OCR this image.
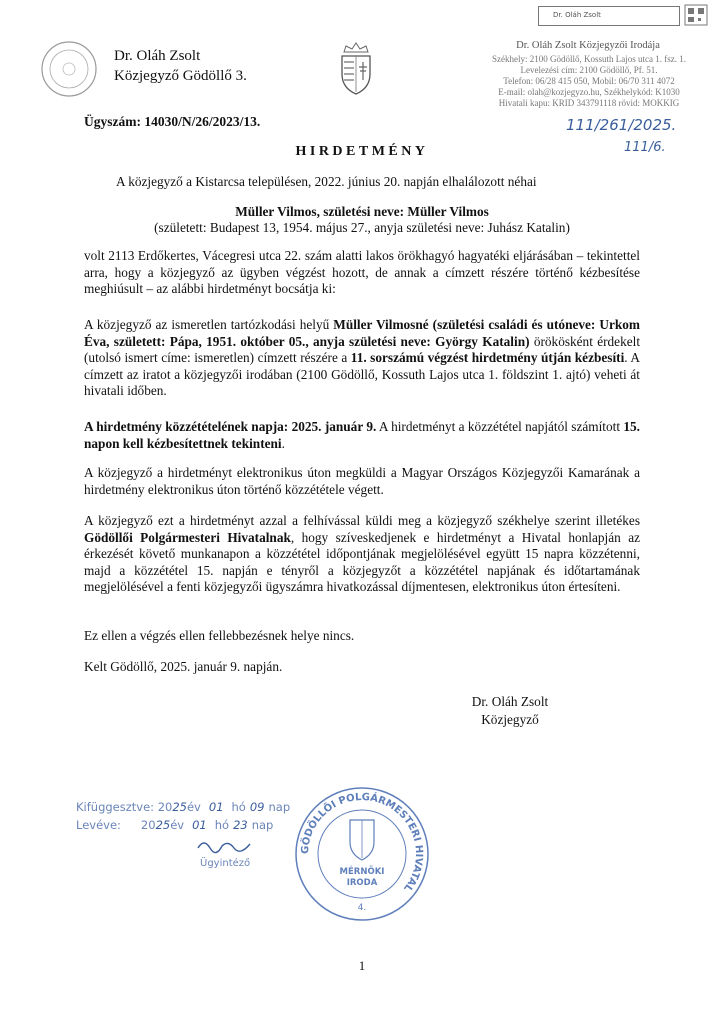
Dr. Oláh Zsolt
Közjegyző Gödöllő 3.
Dr. Oláh Zsolt
Dr. Oláh Zsolt Közjegyzői Irodája
Székhely: 2100 Gödöllő, Kossuth Lajos utca 1. fsz. 1.
Levelezési cím: 2100 Gödöllő, Pf. 51.
Telefon: 06/28 415 050, Mobil: 06/70 311 4072
E-mail: olah@kozjegyzo.hu, Székhelykód: K1030
Hivatali kapu: KRID 343791118 rövid: MOKKIG
Ügyszám: 14030/N/26/2023/13.	111/261/2025.
111/6.
HIRDETMÉNY
A közjegyző a Kistarcsa településen, 2022. június 20. napján elhalálozott néhai
Müller Vilmos, születési neve: Müller Vilmos
(született: Budapest 13, 1954. május 27., anyja születési neve: Juhász Katalin)
volt 2113 Erdőkertes, Vácegresi utca 22. szám alatti lakos örökhagyó hagyatéki eljárásában – tekintettel arra, hogy a közjegyző az ügyben végzést hozott, de annak a címzett részére történő kézbesítése meghiúsult – az alábbi hirdetményt bocsátja ki:
A közjegyző az ismeretlen tartózkodási helyű Müller Vilmosné (születési családi és utóneve: Urkom Éva, született: Pápa, 1951. október 05., anyja születési neve: György Katalin) örökösként érdekelt (utolsó ismert címe: ismeretlen) címzett részére a 11. sorszámú végzést hirdetmény útján kézbesíti. A címzett az iratot a közjegyzői irodában (2100 Gödöllő, Kossuth Lajos utca 1. földszint 1. ajtó) veheti át hivatali időben.
A hirdetmény közzétételének napja: 2025. január 9. A hirdetményt a közzététel napjától számított 15. napon kell kézbesítettnek tekinteni.
A közjegyző a hirdetményt elektronikus úton megküldi a Magyar Országos Közjegyzői Kamarának a hirdetmény elektronikus úton történő közzététele végett.
A közjegyző ezt a hirdetményt azzal a felhívással küldi meg a közjegyző székhelye szerint illetékes Gödöllői Polgármesteri Hivatalnak, hogy szíveskedjenek e hirdetményt a Hivatal honlapján az érkezését követő munkanapon a közzététel időpontjának megjelölésével együtt 15 napra közzétenni, majd a közzététel 15. napján e tényről a közjegyzőt a közzététel napjának és időtartamának megjelölésével a fenti közjegyzői ügyszámra hivatkozással díjmentesen, elektronikus úton értesíteni.
Ez ellen a végzés ellen fellebbezésnek helye nincs.
Kelt Gödöllő, 2025. január 9. napján.
Dr. Oláh Zsolt
Közjegyző
Kifüggesztve: 2025év 01 hó 09 nap
Levéve: 2025év 01 hó 23 nap
Ügyintéző
GÖDÖLLŐI POLGÁRMESTERI HIVATAL
MÉRNÖKI
IRODA
4.
1
